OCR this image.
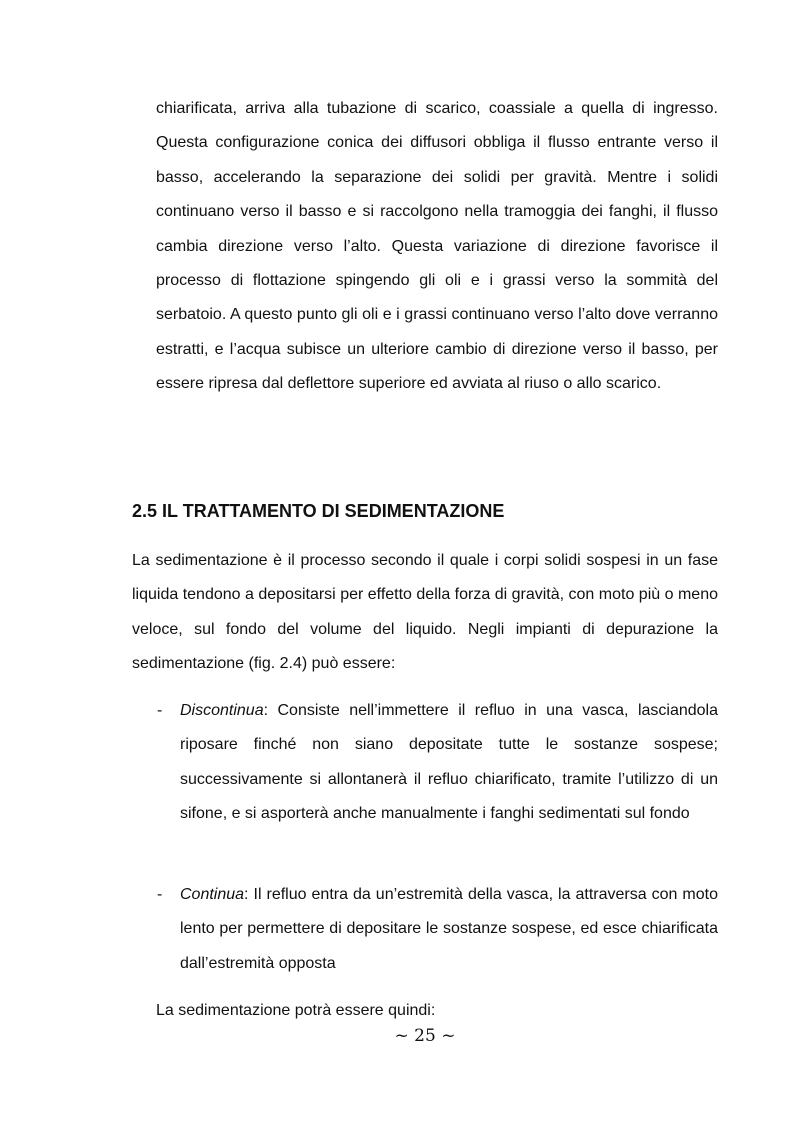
chiarificata, arriva alla tubazione di scarico, coassiale a quella di ingresso. Questa configurazione conica dei diffusori obbliga il flusso entrante verso il basso, accelerando la separazione dei solidi per gravità. Mentre i solidi continuano verso il basso e si raccolgono nella tramoggia dei fanghi, il flusso cambia direzione verso l’alto. Questa variazione di direzione favorisce il processo di flottazione spingendo gli oli e i grassi verso la sommità del serbatoio. A questo punto gli oli e i grassi continuano verso l’alto dove verranno estratti, e l’acqua subisce un ulteriore cambio di direzione verso il basso, per essere ripresa dal deflettore superiore ed avviata al riuso o allo scarico.

2.5 IL TRATTAMENTO DI SEDIMENTAZIONE

La sedimentazione è il processo secondo il quale i corpi solidi sospesi in un fase liquida tendono a depositarsi per effetto della forza di gravità, con moto più o meno veloce, sul fondo del volume del liquido. Negli impianti di depurazione la sedimentazione (fig. 2.4) può essere:

- Discontinua: Consiste nell’immettere il refluo in una vasca, lasciandola riposare finché non siano depositate tutte le sostanze sospese; successivamente si allontanerà il refluo chiarificato, tramite l’utilizzo di un sifone, e si asporterà anche manualmente i fanghi sedimentati sul fondo
- Continua: Il refluo entra da un’estremità della vasca, la attraversa con moto lento per permettere di depositare le sostanze sospese, ed esce chiarificata dall’estremità opposta

La sedimentazione potrà essere quindi:

~ 25 ~
